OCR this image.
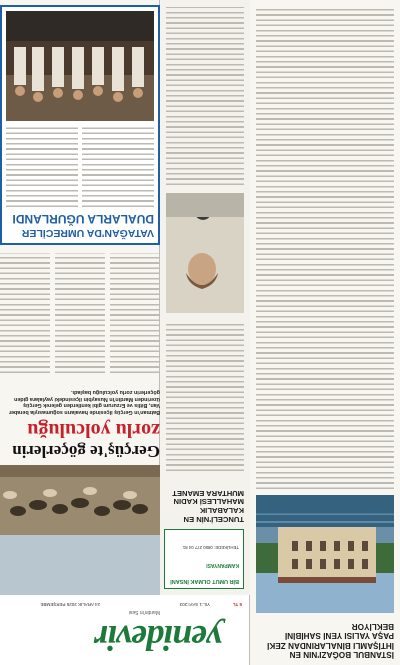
yenidevir
Mardin'in Sesi
24 ARALIK 2025 PERŞEMBE	5 TL
YIL:1 SAYI:203
İSTANBUL BOĞAZI'NIN EN İHTİŞAMLI BİNALARINDAN ZEKİ PAŞA YALISI YENİ SAHİBİNİ BEKLİYOR
BİR UMUT OLMAK İNSANİ
KAMPANYASI
TEHLİKEDE: 0850 277 04 81
TUNCELİ'NİN EN KALABALIK MAHALLESİ KADIN MUHTARA EMANET
Gerçüş'te göçerlerin
zorlu yolculuğu
Batman'ın Gerçüş ilçesinde havaların soğumasıyla beraber Van, Bitlis ve Erzurum gibi kentlerden gelerek Gerçüş üzerinden Mardin'in Nusaybin ilçesindeki yaylalara giden göçerlerin zorlu yolculuğu başladı.
VATAĞAN'DA UMRECİLER
DUALARLA UĞURLANDI
